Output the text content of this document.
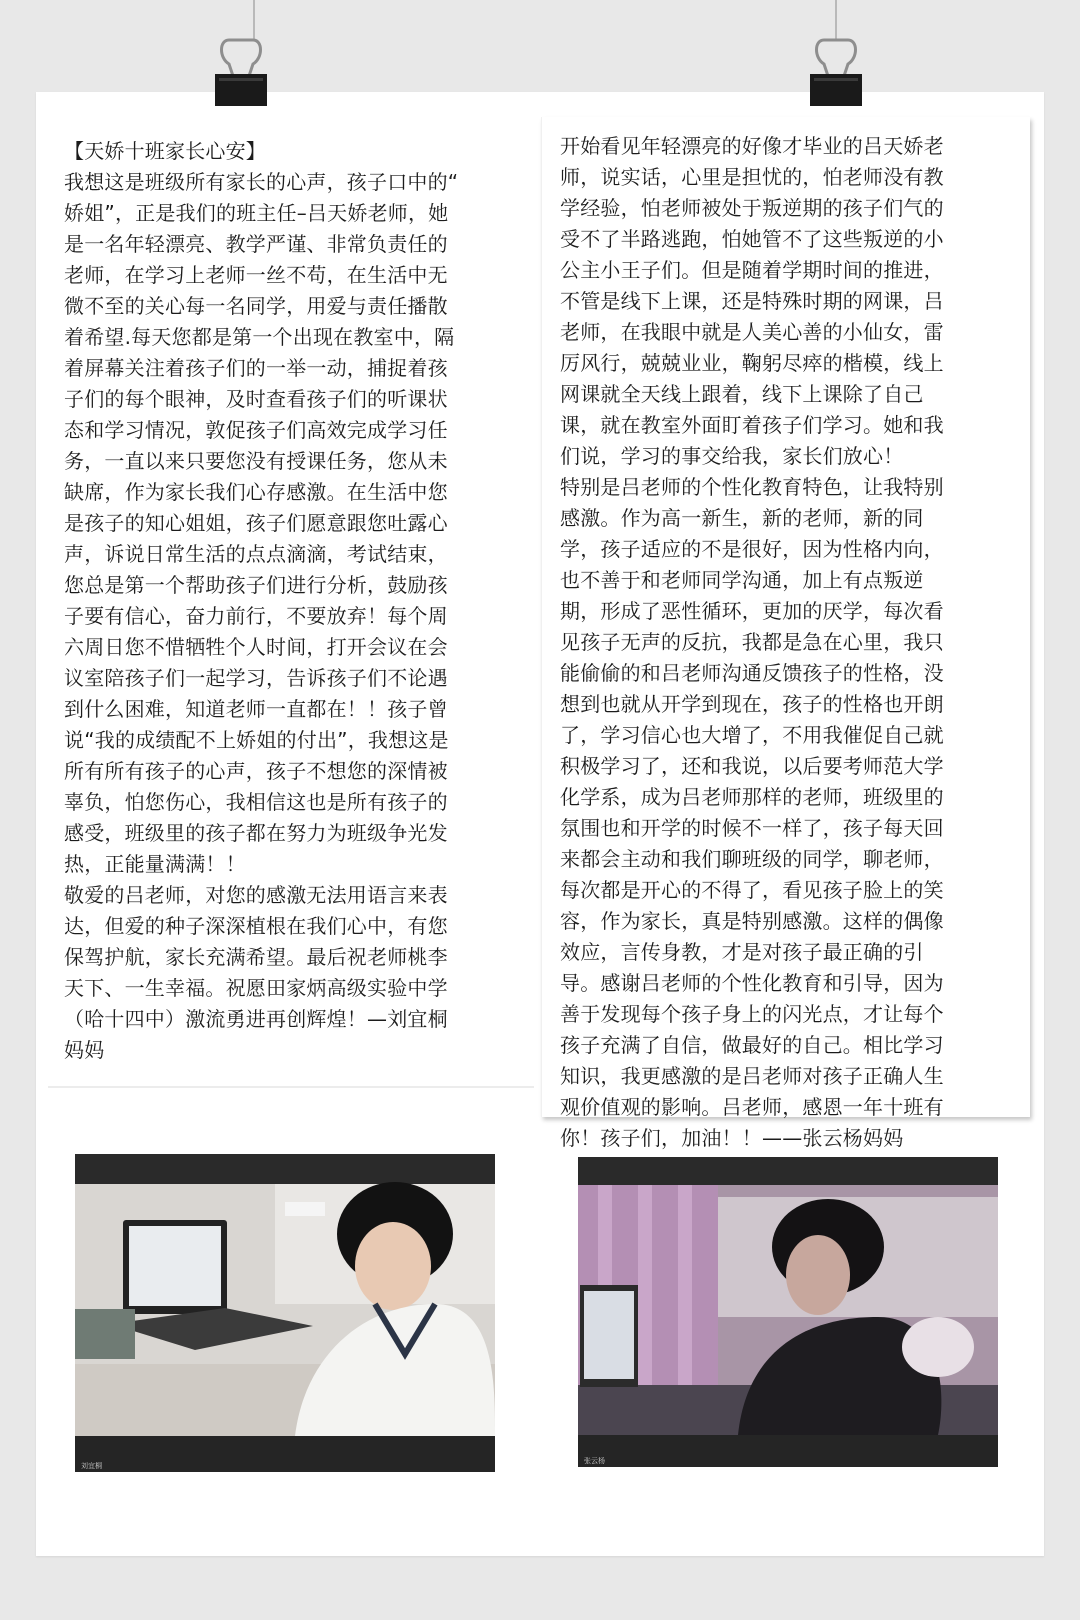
【天娇十班家长心安】
我想这是班级所有家长的心声，孩子口中的“
娇姐”，正是我们的班主任–吕天娇老师，她
是一名年轻漂亮、教学严谨、非常负责任的
老师，在学习上老师一丝不苟，在生活中无
微不至的关心每一名同学，用爱与责任播散
着希望.每天您都是第一个出现在教室中，隔
着屏幕关注着孩子们的一举一动，捕捉着孩
子们的每个眼神，及时查看孩子们的听课状
态和学习情况，敦促孩子们高效完成学习任
务，一直以来只要您没有授课任务，您从未
缺席，作为家长我们心存感激。在生活中您
是孩子的知心姐姐，孩子们愿意跟您吐露心
声，诉说日常生活的点点滴滴，考试结束，
您总是第一个帮助孩子们进行分析，鼓励孩
子要有信心，奋力前行，不要放弃！每个周
六周日您不惜牺牲个人时间，打开会议在会
议室陪孩子们一起学习，告诉孩子们不论遇
到什么困难，知道老师一直都在！！孩子曾
说“我的成绩配不上娇姐的付出”，我想这是
所有所有孩子的心声，孩子不想您的深情被
辜负，怕您伤心，我相信这也是所有孩子的
感受，班级里的孩子都在努力为班级争光发
热，正能量满满！！
敬爱的吕老师，对您的感激无法用语言来表
达，但爱的种子深深植根在我们心中，有您
保驾护航，家长充满希望。最后祝老师桃李
天下、一生幸福。祝愿田家炳高级实验中学
（哈十四中）激流勇进再创辉煌！—刘宜桐
妈妈
开始看见年轻漂亮的好像才毕业的吕天娇老
师，说实话，心里是担忧的，怕老师没有教
学经验，怕老师被处于叛逆期的孩子们气的
受不了半路逃跑，怕她管不了这些叛逆的小
公主小王子们。但是随着学期时间的推进，
不管是线下上课，还是特殊时期的网课，吕
老师，在我眼中就是人美心善的小仙女，雷
厉风行，兢兢业业，鞠躬尽瘁的楷模，线上
网课就全天线上跟着，线下上课除了自己
课，就在教室外面盯着孩子们学习。她和我
们说，学习的事交给我，家长们放心！
特别是吕老师的个性化教育特色，让我特别
感激。作为高一新生，新的老师，新的同
学，孩子适应的不是很好，因为性格内向，
也不善于和老师同学沟通，加上有点叛逆
期，形成了恶性循环，更加的厌学，每次看
见孩子无声的反抗，我都是急在心里，我只
能偷偷的和吕老师沟通反馈孩子的性格，没
想到也就从开学到现在，孩子的性格也开朗
了，学习信心也大增了，不用我催促自己就
积极学习了，还和我说，以后要考师范大学
化学系，成为吕老师那样的老师，班级里的
氛围也和开学的时候不一样了，孩子每天回
来都会主动和我们聊班级的同学，聊老师，
每次都是开心的不得了，看见孩子脸上的笑
容，作为家长，真是特别感激。这样的偶像
效应，言传身教，才是对孩子最正确的引
导。感谢吕老师的个性化教育和引导，因为
善于发现每个孩子身上的闪光点，才让每个
孩子充满了自信，做最好的自己。相比学习
知识，我更感激的是吕老师对孩子正确人生
观价值观的影响。吕老师，感恩一年十班有
你！孩子们，加油！！——张云杨妈妈
刘宜桐
张云杨
